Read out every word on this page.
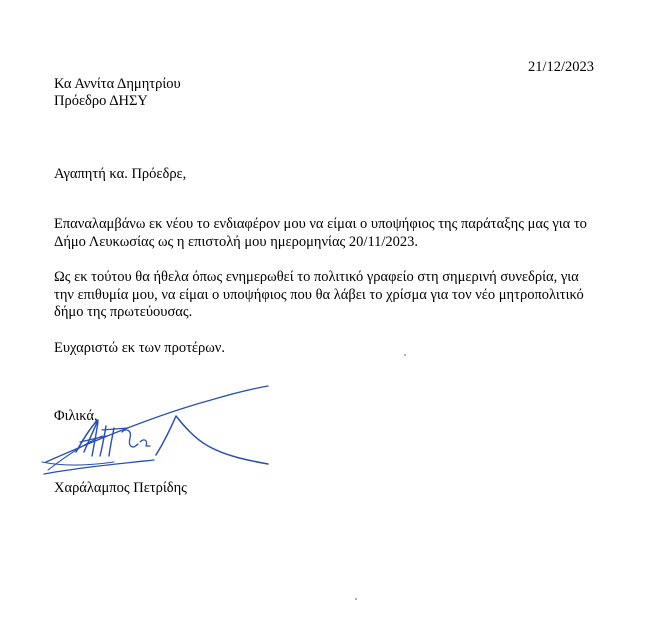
21/12/2023
Κα Αννίτα Δημητρίου
Πρόεδρο ΔΗΣΥ
Αγαπητή κα. Πρόεδρε,
Επαναλαμβάνω εκ νέου το ενδιαφέρον μου να είμαι ο υποψήφιος της παράταξης μας για το
Δήμο Λευκωσίας ως η επιστολή μου ημερομηνίας 20/11/2023.
Ως εκ τούτου θα ήθελα όπως ενημερωθεί το πολιτικό γραφείο στη σημερινή συνεδρία, για
την επιθυμία μου, να είμαι ο υποψήφιος που θα λάβει το χρίσμα για τον νέο μητροπολιτικό
δήμο της πρωτεύουσας.
Ευχαριστώ εκ των προτέρων.
Φιλικά,
Χαράλαμπος Πετρίδης
